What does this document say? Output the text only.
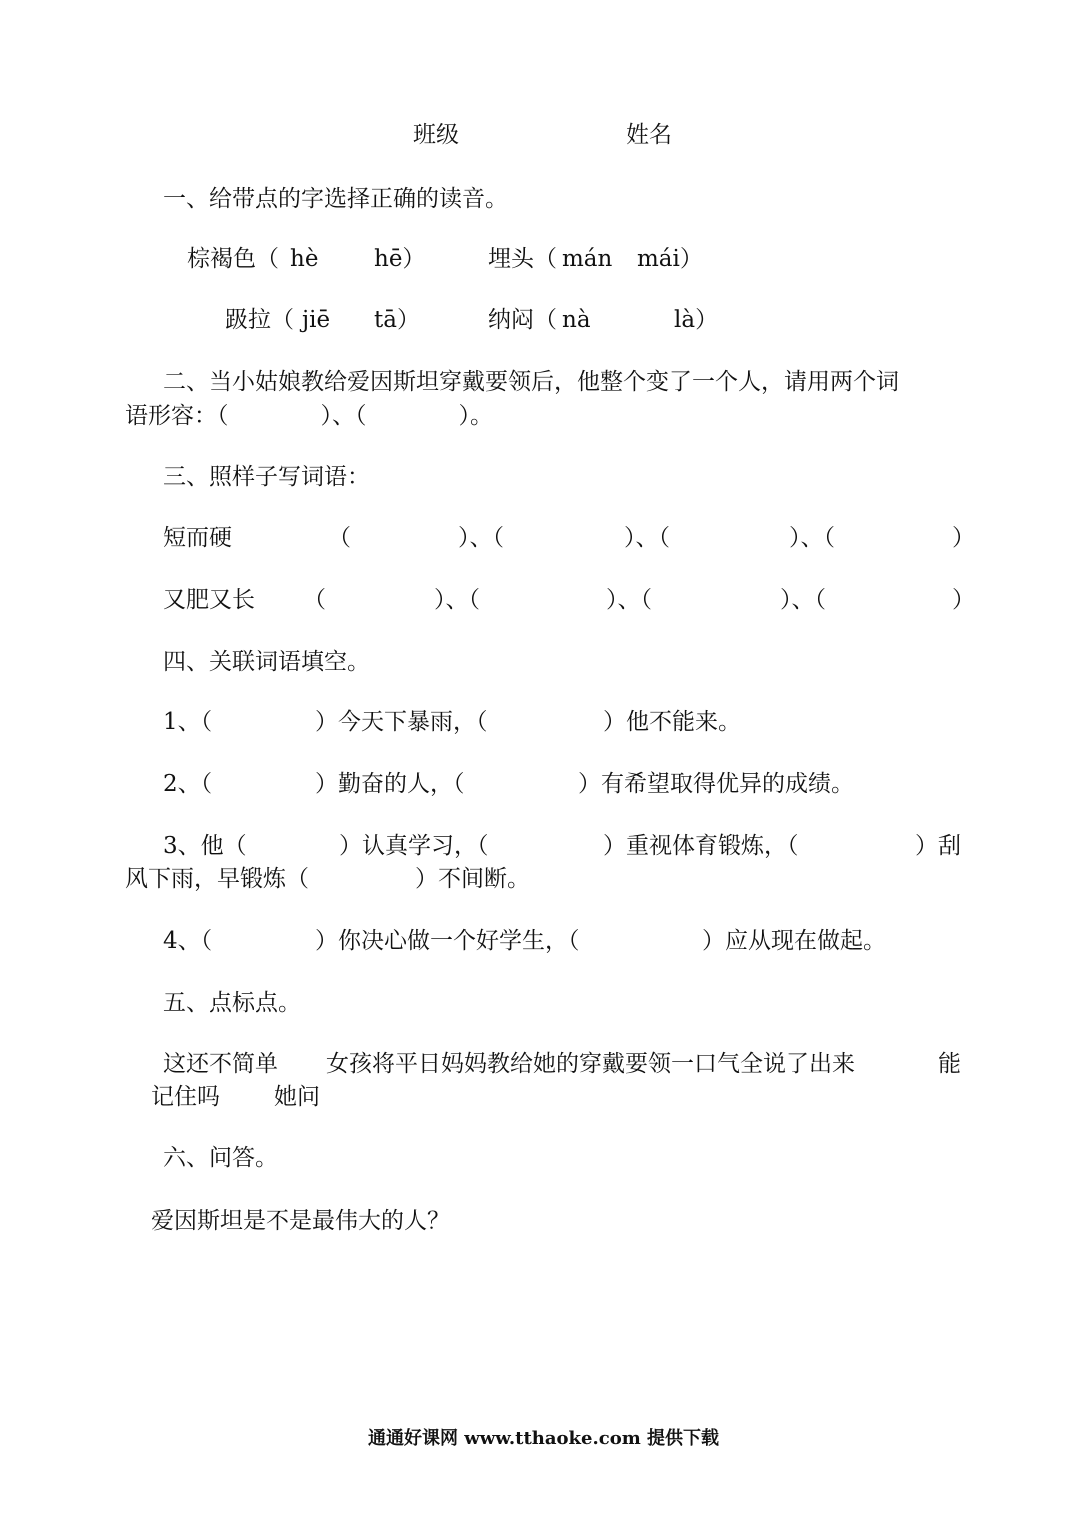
班级	姓名
一、给带点的字选择正确的读音。
棕褐色（ hè hē）	埋头（ mán mái）
趿拉（ jiē tā）	纳闷（ nà	là）
二、当小姑娘教给爱因斯坦穿戴要领后，他整个变了一个人，请用两个词
语形容：（　　　　）、（　　　　）。
三、照样子写词语：
短而硬	（	）、（	）、（	）、（	）
又肥又长 （	）、（	）、（	）、（	）
四、关联词语填空。
1、（	）今天下暴雨，（	）他不能来。
2、（	）勤奋的人，（	）有希望取得优异的成绩。
3、他（	）认真学习，（	）重视体育锻炼，（	）刮
风下雨，早锻炼（	）不间断。
4、（	）你决心做一个好学生，（	）应从现在做起。
五、点标点。
这还不简单 女孩将平日妈妈教给她的穿戴要领一口气全说了出来	能
记住吗 她问
六、问答。
爱因斯坦是不是最伟大的人？
通通好课网 www.tthaoke.com 提供下载
